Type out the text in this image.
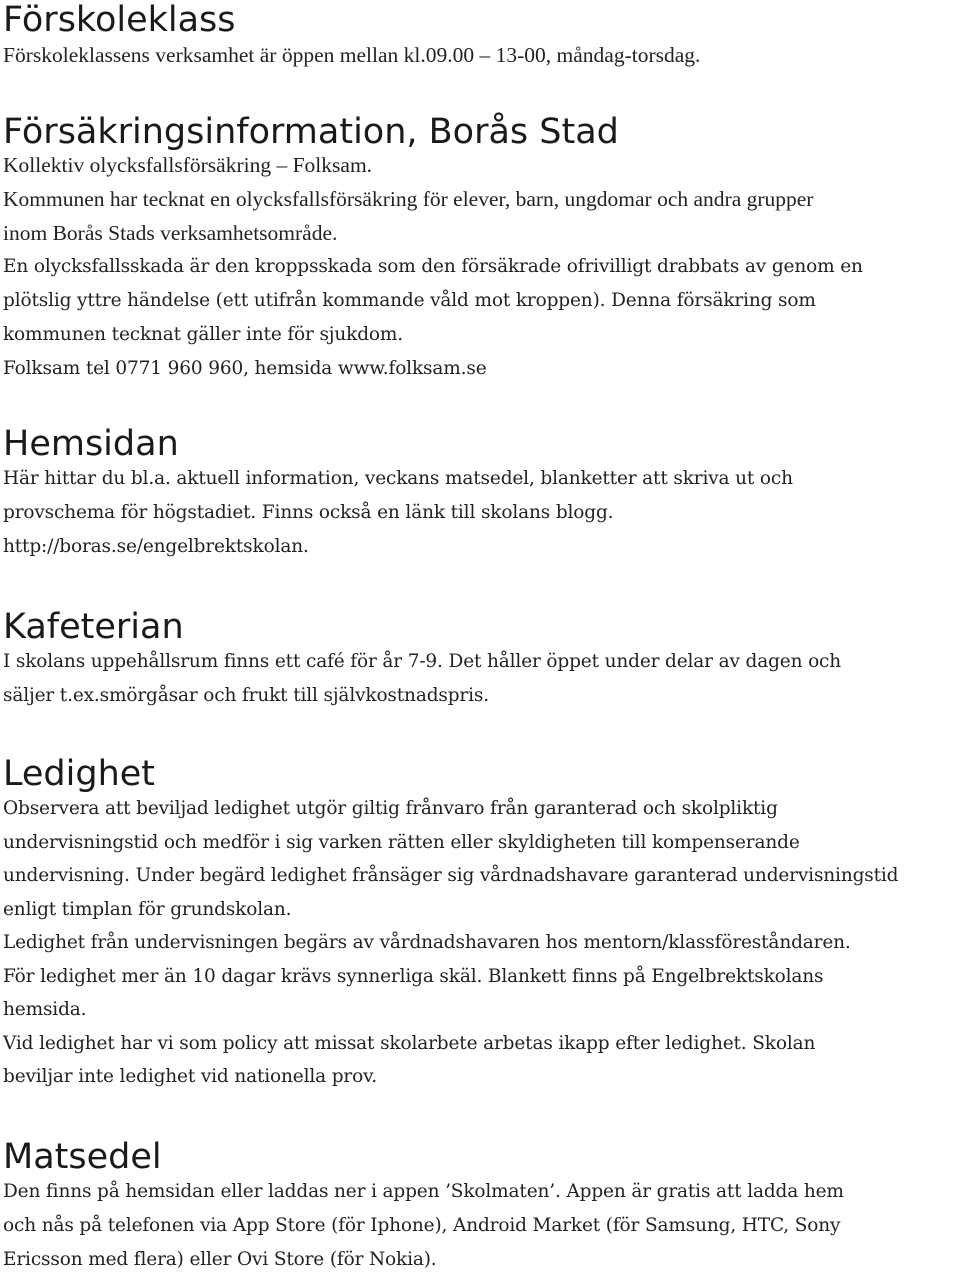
Förskoleklass

Förskoleklassens verksamhet är öppen mellan kl.09.00 – 13-00, måndag-torsdag.

Försäkringsinformation, Borås Stad

Kollektiv olycksfallsförsäkring – Folksam.

Kommunen har tecknat en olycksfallsförsäkring för elever, barn, ungdomar och andra grupper

inom Borås Stads verksamhetsområde.

En olycksfallsskada är den kroppsskada som den försäkrade ofrivilligt drabbats av genom en

plötslig yttre händelse (ett utifrån kommande våld mot kroppen). Denna försäkring som

kommunen tecknat gäller inte för sjukdom.

Folksam tel 0771 960 960, hemsida www.folksam.se

Hemsidan

Här hittar du bl.a. aktuell information, veckans matsedel, blanketter att skriva ut och

provschema för högstadiet. Finns också en länk till skolans blogg.

http://boras.se/engelbrektskolan.

Kafeterian

I skolans uppehållsrum finns ett café för år 7-9. Det håller öppet under delar av dagen och

säljer t.ex.smörgåsar och frukt till självkostnadspris.

Ledighet

Observera att beviljad ledighet utgör giltig frånvaro från garanterad och skolpliktig

undervisningstid och medför i sig varken rätten eller skyldigheten till kompenserande

undervisning. Under begärd ledighet frånsäger sig vårdnadshavare garanterad undervisningstid

enligt timplan för grundskolan.

Ledighet från undervisningen begärs av vårdnadshavaren hos mentorn/klassföreståndaren.

För ledighet mer än 10 dagar krävs synnerliga skäl. Blankett finns på Engelbrektskolans

hemsida.

Vid ledighet har vi som policy att missat skolarbete arbetas ikapp efter ledighet. Skolan

beviljar inte ledighet vid nationella prov.

Matsedel

Den finns på hemsidan eller laddas ner i appen ’Skolmaten’. Appen är gratis att ladda hem

och nås på telefonen via App Store (för Iphone), Android Market (för Samsung, HTC, Sony

Ericsson med flera) eller Ovi Store (för Nokia).
